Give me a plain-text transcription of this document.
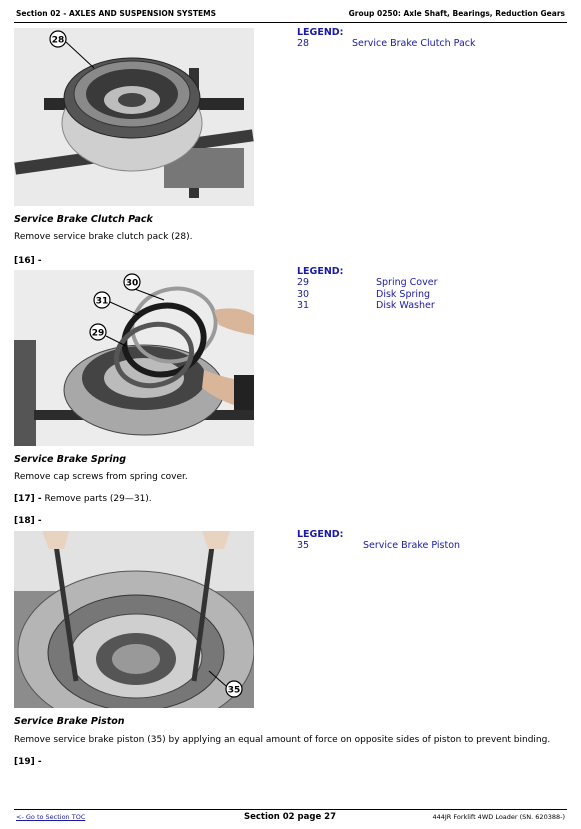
Section 02 - AXLES AND SUSPENSION SYSTEMS	Group 0250: Axle Shaft, Bearings, Reduction Gears
28
LEGEND:
28	Service Brake Clutch Pack
Service Brake Clutch Pack
Remove service brake clutch pack (28).
[16] -
30
31
29
LEGEND:
29	Spring Cover
30	Disk Spring
31	Disk Washer
Service Brake Spring
Remove cap screws from spring cover.
[17] - Remove parts (29—31).
[18] -
35
LEGEND:
35	Service Brake Piston
Service Brake Piston
Remove service brake piston (35) by applying an equal amount of force on opposite sides of piston to prevent binding.
[19] -
<- Go to Section TOC	Section 02 page 27	444JR Forklift 4WD Loader (SN. 620388-)
